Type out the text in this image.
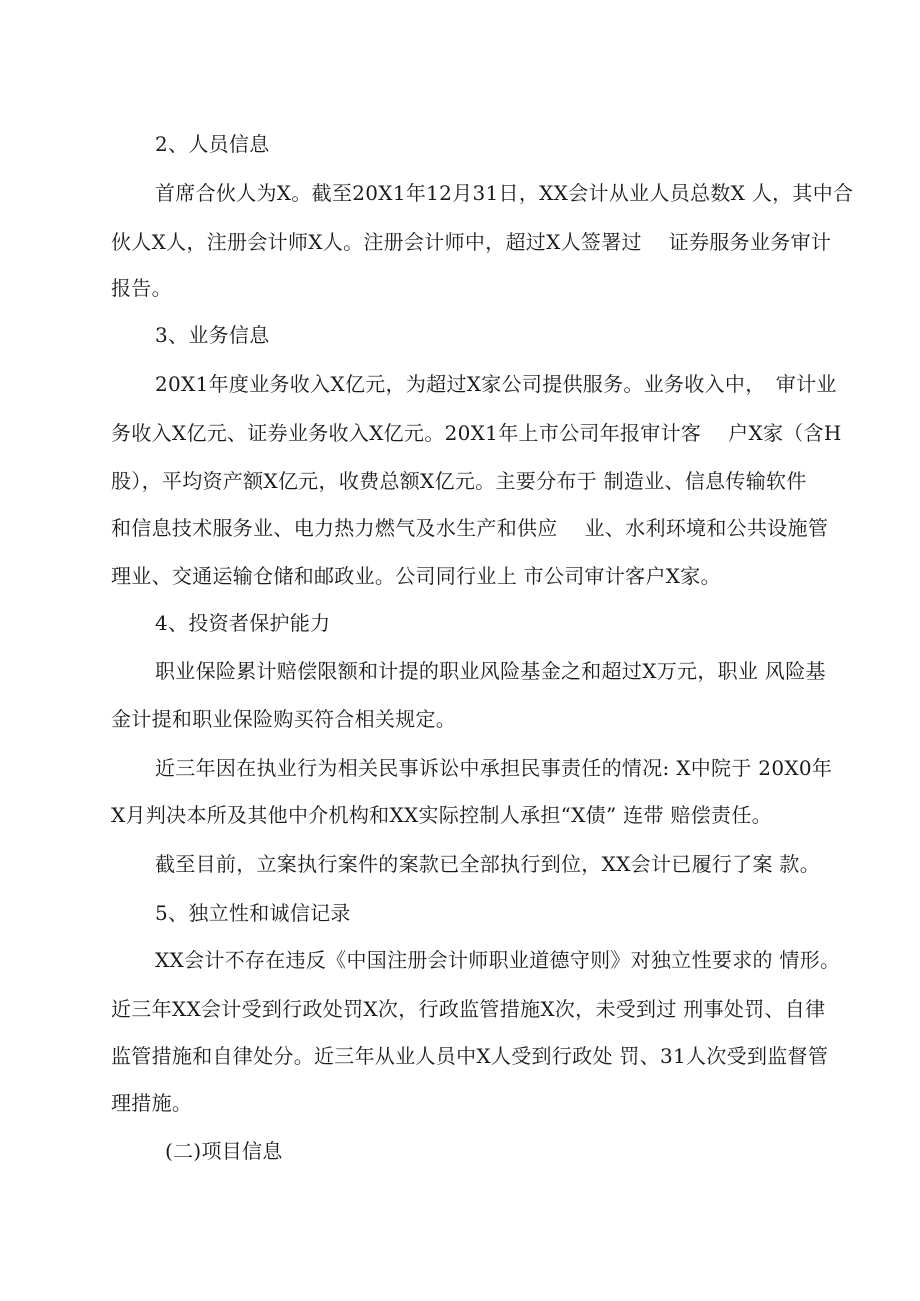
2、人员信息
首席合伙人为X。截至20X1年12月31日，XX会计从业人员总数X 人，其中合
伙人X人，注册会计师X人。注册会计师中，超过X人签署过 　证券服务业务审计
报告。
3、业务信息
20X1年度业务收入X亿元，为超过X家公司提供服务。业务收入中，　审计业
务收入X亿元、证券业务收入X亿元。20X1年上市公司年报审计客　 户X家（含H
股），平均资产额X亿元，收费总额X亿元。主要分布于 制造业、信息传输软件
和信息技术服务业、电力热力燃气及水生产和供应　 业、水利环境和公共设施管
理业、交通运输仓储和邮政业。公司同行业上 市公司审计客户X家。
4、投资者保护能力
职业保险累计赔偿限额和计提的职业风险基金之和超过X万元，职业 风险基
金计提和职业保险购买符合相关规定。
近三年因在执业行为相关民事诉讼中承担民事责任的情况: X中院于 20X0年
X月判决本所及其他中介机构和XX实际控制人承担“X债” 连带 赔偿责任。
截至目前，立案执行案件的案款已全部执行到位，XX会计已履行了案 款。
5、独立性和诚信记录
XX会计不存在违反《中国注册会计师职业道德守则》对独立性要求的 情形。
近三年XX会计受到行政处罚X次，行政监管措施X次，未受到过 刑事处罚、自律
监管措施和自律处分。近三年从业人员中X人受到行政处 罚、31人次受到监督管
理措施。
(二)项目信息
